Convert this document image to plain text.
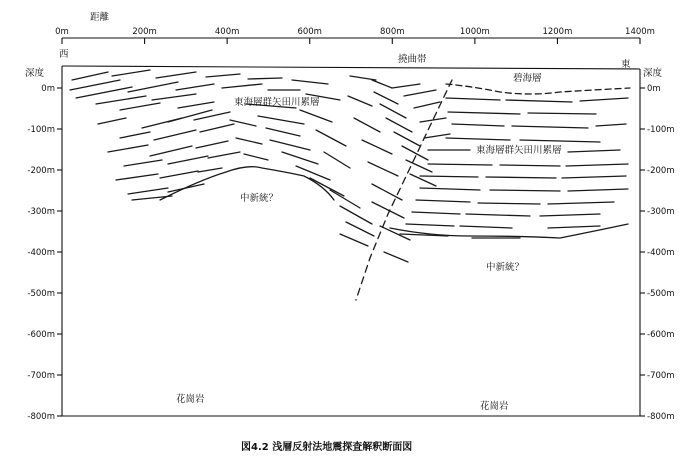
距離
0m	200m	400m	600m	800m	1000m	1200m	1400m
西
東
深度	深度
0m
-100m
-200m
-300m
-400m
-500m
-600m
-700m
-800m
0m
-100m
-200m
-300m
-400m
-500m
-600m
-700m
-800m
撓曲帯
碧海層
東海層群矢田川累層
東海層群矢田川累層
中新統？
中新統？
花崗岩
花崗岩
図4.2 浅層反射法地震探査解釈断面図
